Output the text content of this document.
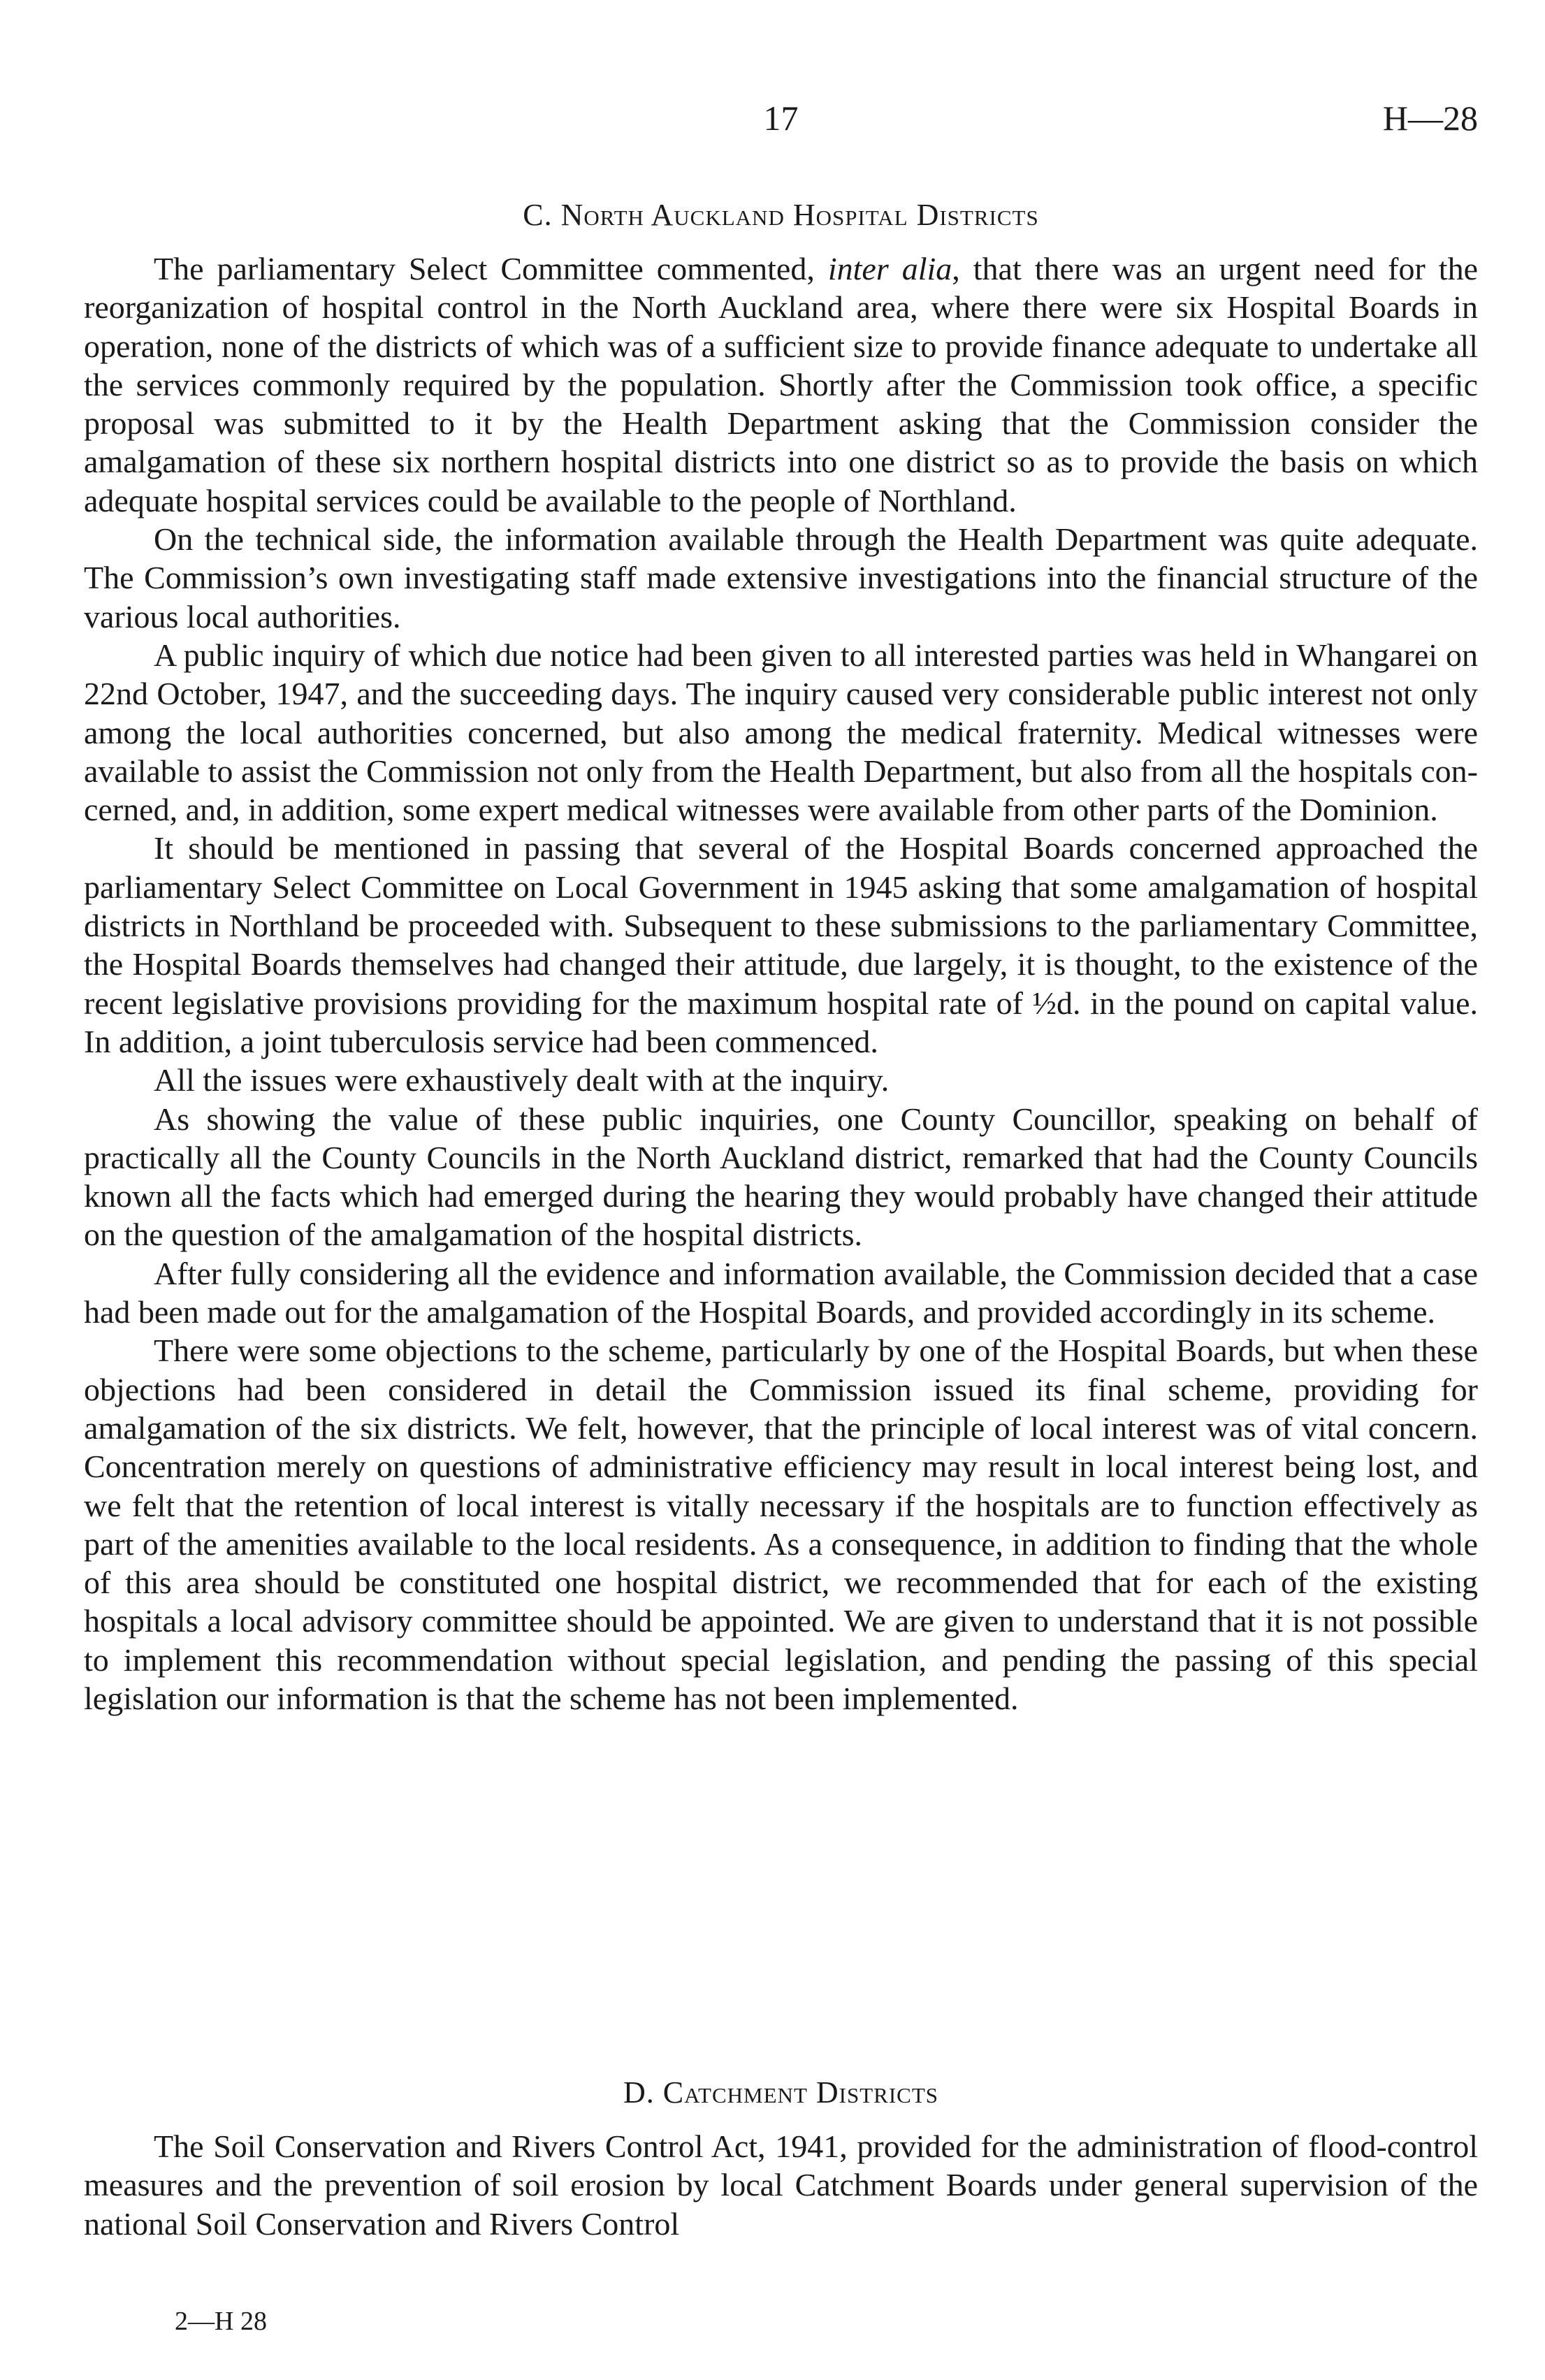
17	H—28
C. North Auckland Hospital Districts

The parliamentary Select Committee commented, inter alia, that there was an urgent need for the reorganization of hospital control in the North Auckland area, where there were six Hospital Boards in operation, none of the districts of which was of a sufficient size to provide finance adequate to undertake all the services commonly required by the population. Shortly after the Commission took office, a specific proposal was submitted to it by the Health Department asking that the Commission consider the amalgamation of these six northern hospital districts into one district so as to provide the basis on which adequate hospital services could be available to the people of Northland.

On the technical side, the information available through the Health Department was quite adequate. The Commission’s own investigating staff made extensive investigations into the financial structure of the various local authorities.

A public inquiry of which due notice had been given to all interested parties was held in Whangarei on 22nd October, 1947, and the succeeding days. The inquiry caused very considerable public interest not only among the local authorities concerned, but also among the medical fraternity. Medical witnesses were available to assist the Commission not only from the Health Department, but also from all the hospitals concerned, and, in addition, some expert medical witnesses were available from other parts of the Dominion.

It should be mentioned in passing that several of the Hospital Boards concerned approached the parliamentary Select Committee on Local Government in 1945 asking that some amalgamation of hospital districts in Northland be proceeded with. Subsequent to these submissions to the parliamentary Committee, the Hospital Boards themselves had changed their attitude, due largely, it is thought, to the existence of the recent legislative provisions providing for the maximum hospital rate of ½d. in the pound on capital value. In addition, a joint tuberculosis service had been commenced.

All the issues were exhaustively dealt with at the inquiry.

As showing the value of these public inquiries, one County Councillor, speaking on behalf of practically all the County Councils in the North Auckland district, remarked that had the County Councils known all the facts which had emerged during the hearing they would probably have changed their attitude on the question of the amalgamation of the hospital districts.

After fully considering all the evidence and information available, the Commission decided that a case had been made out for the amalgamation of the Hospital Boards, and provided accordingly in its scheme.

There were some objections to the scheme, particularly by one of the Hospital Boards, but when these objections had been considered in detail the Commission issued its final scheme, providing for amalgamation of the six districts. We felt, however, that the principle of local interest was of vital concern. Concentration merely on questions of administrative efficiency may result in local interest being lost, and we felt that the retention of local interest is vitally necessary if the hospitals are to function effectively as part of the amenities available to the local residents. As a consequence, in addition to finding that the whole of this area should be constituted one hospital district, we recommended that for each of the existing hospitals a local advisory committee should be appointed. We are given to understand that it is not possible to implement this recommendation without special legislation, and pending the passing of this special legislation our information is that the scheme has not been implemented.

D. Catchment Districts

The Soil Conservation and Rivers Control Act, 1941, provided for the administration of flood-control measures and the prevention of soil erosion by local Catchment Boards under general supervision of the national Soil Conservation and Rivers Control

2—H 28
